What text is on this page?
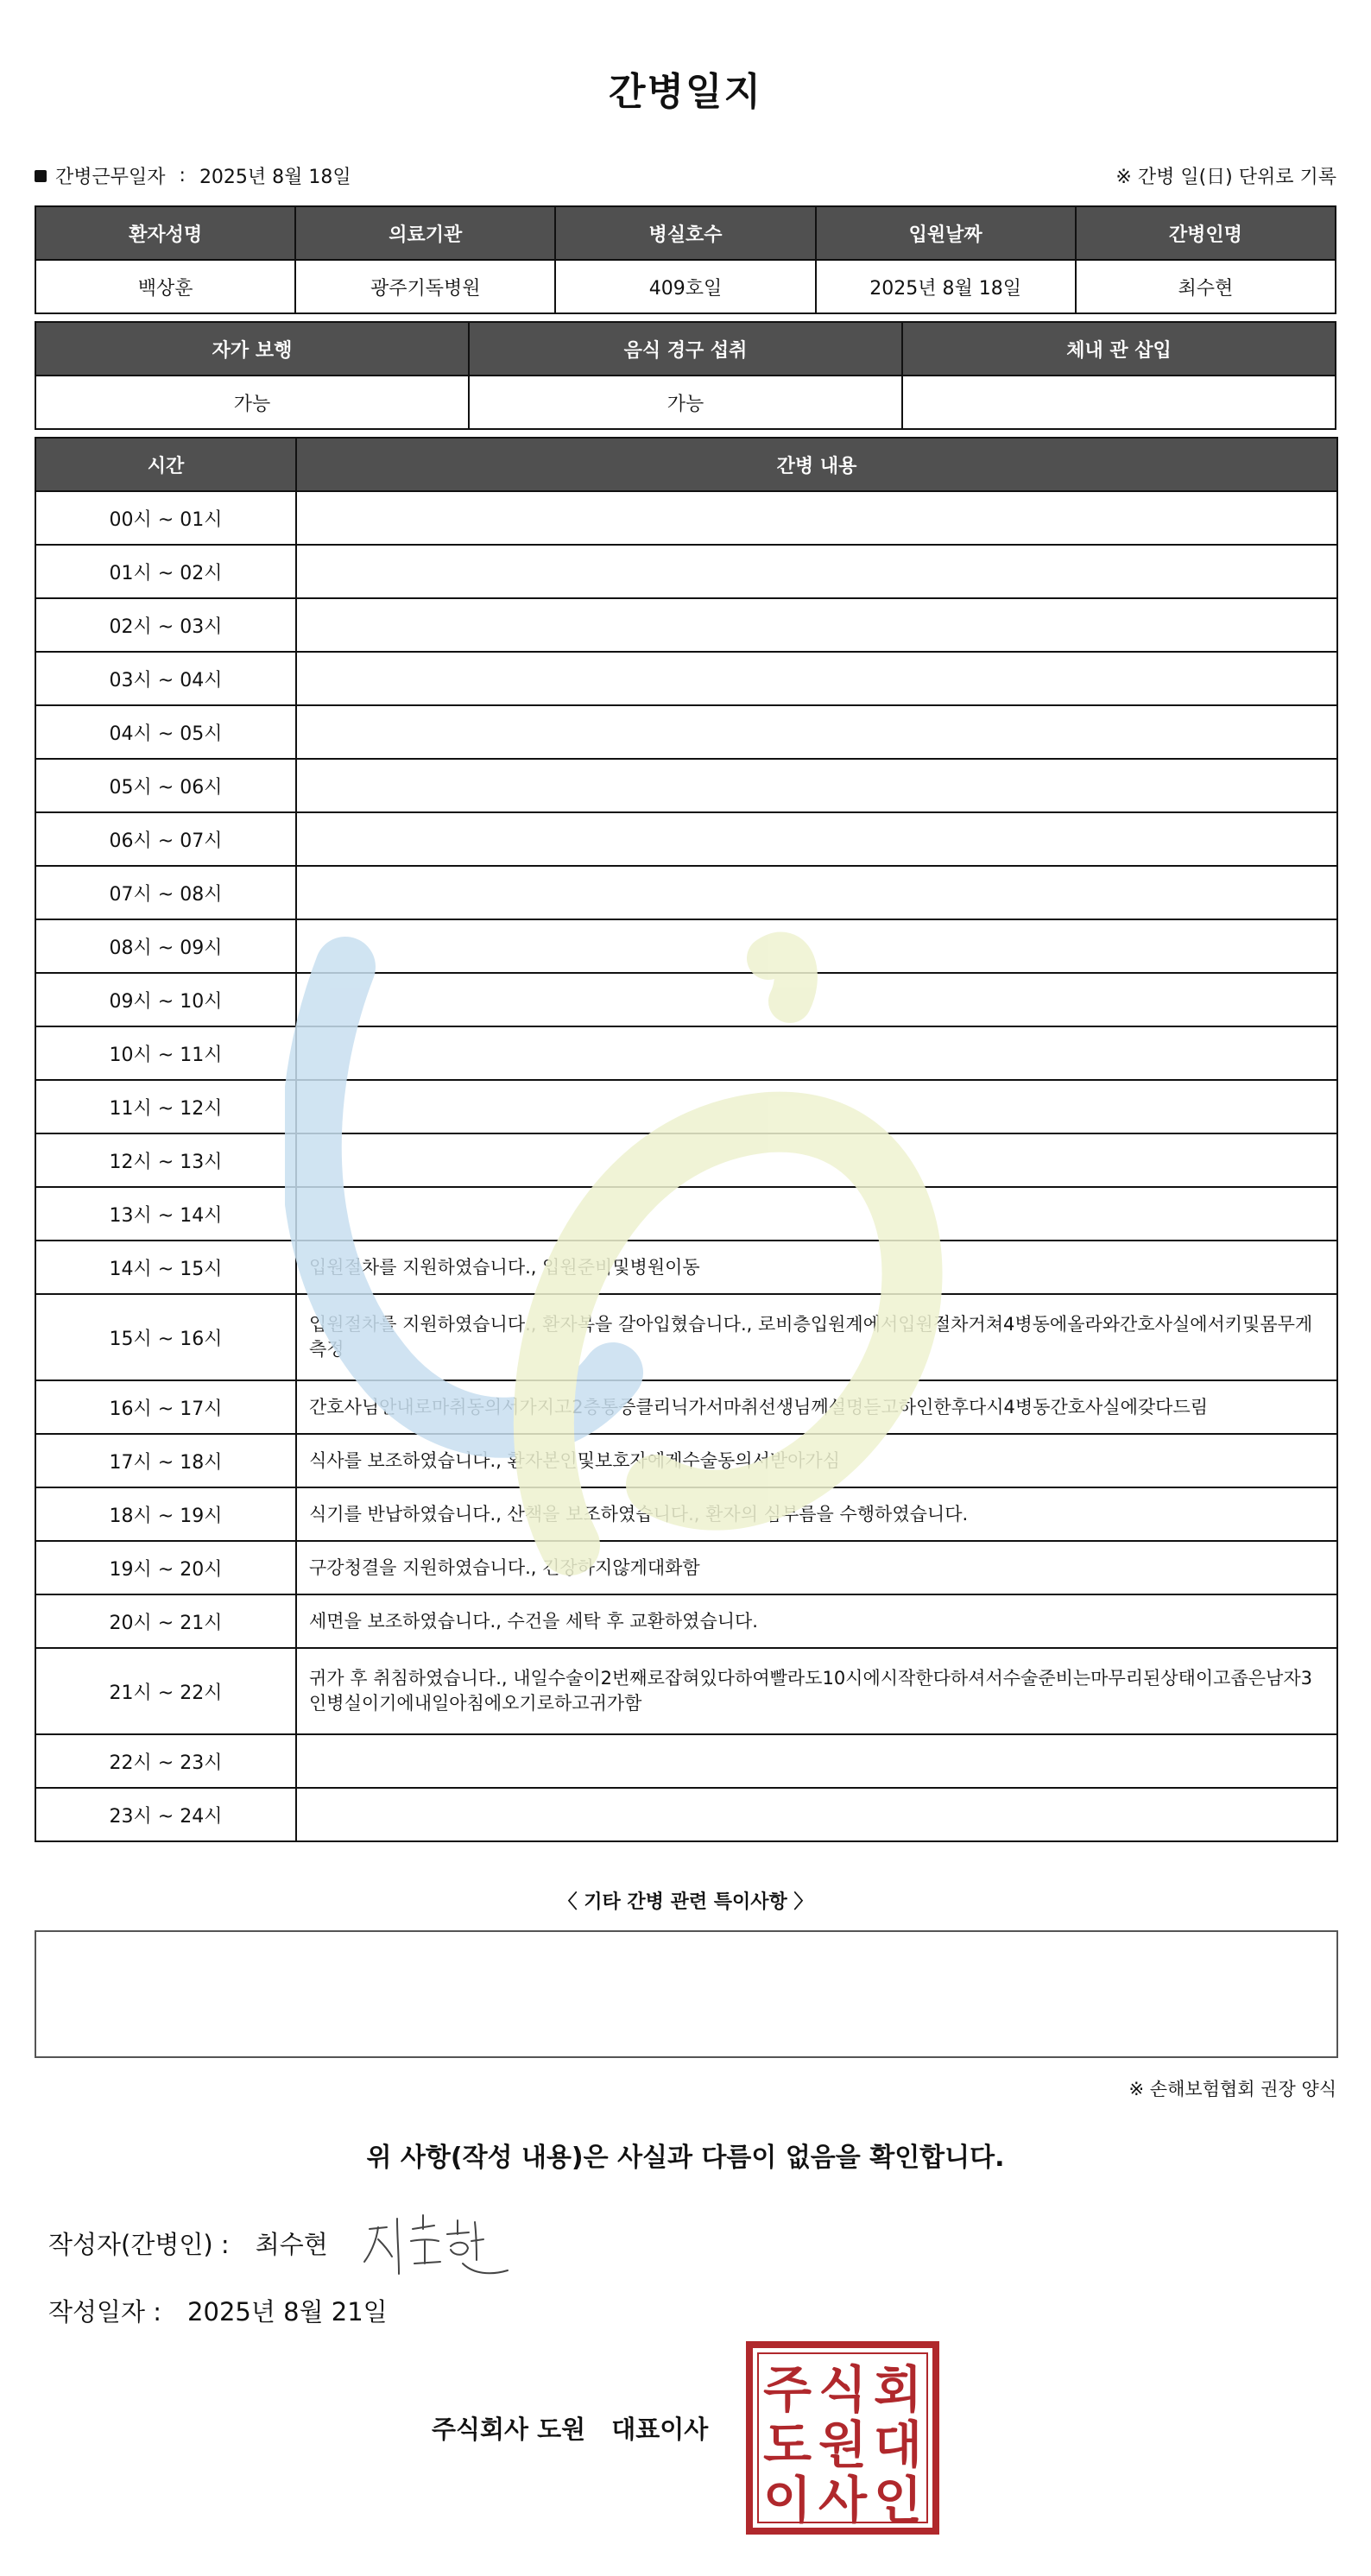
간병일지
간병근무일자 : 2025년 8월 18일	※ 간병 일(日) 단위로 기록
환자성명	의료기관	병실호수	입원날짜	간병인명
백상훈	광주기독병원	409호일	2025년 8월 18일	최수현
자가 보행	음식 경구 섭취	체내 관 삽입
가능	가능	
시간	간병 내용
00시 ~ 01시	
01시 ~ 02시	
02시 ~ 03시	
03시 ~ 04시	
04시 ~ 05시	
05시 ~ 06시	
06시 ~ 07시	
07시 ~ 08시	
08시 ~ 09시	
09시 ~ 10시	
10시 ~ 11시	
11시 ~ 12시	
12시 ~ 13시	
13시 ~ 14시	
14시 ~ 15시	입원절차를 지원하였습니다., 입원준비및병원이동
15시 ~ 16시	입원절차를 지원하였습니다., 환자복을 갈아입혔습니다., 로비층입원계에서입원절차거쳐4병동에올라와간호사실에서키및몸무게측정
16시 ~ 17시	간호사님안내로마취동의서가지고2층통증클리닉가서마취선생님께설명듣고하인한후다시4병동간호사실에갖다드림
17시 ~ 18시	식사를 보조하였습니다., 환자본인및보호자에게수술동의서받아가심
18시 ~ 19시	식기를 반납하였습니다., 산책을 보조하였습니다., 환자의 심부름을 수행하였습니다.
19시 ~ 20시	구강청결을 지원하였습니다., 긴장하지않게대화함
20시 ~ 21시	세면을 보조하였습니다., 수건을 세탁 후 교환하였습니다.
21시 ~ 22시	귀가 후 취침하였습니다., 내일수술이2번째로잡혀있다하여빨라도10시에시작한다하셔서수술준비는마무리된상태이고좁은남자3인병실이기에내일아침에오기로하고귀가함
22시 ~ 23시	
23시 ~ 24시	
〈 기타 간병 관련 특이사항 〉
※ 손해보험협회 권장 양식
위 사항(작성 내용)은 사실과 다름이 없음을 확인합니다.
작성자(간병인) : 최수현
작성일자 : 2025년 8월 21일
주식회사 도원 대표이사
주 식 회
도 원 대
이 사 인
